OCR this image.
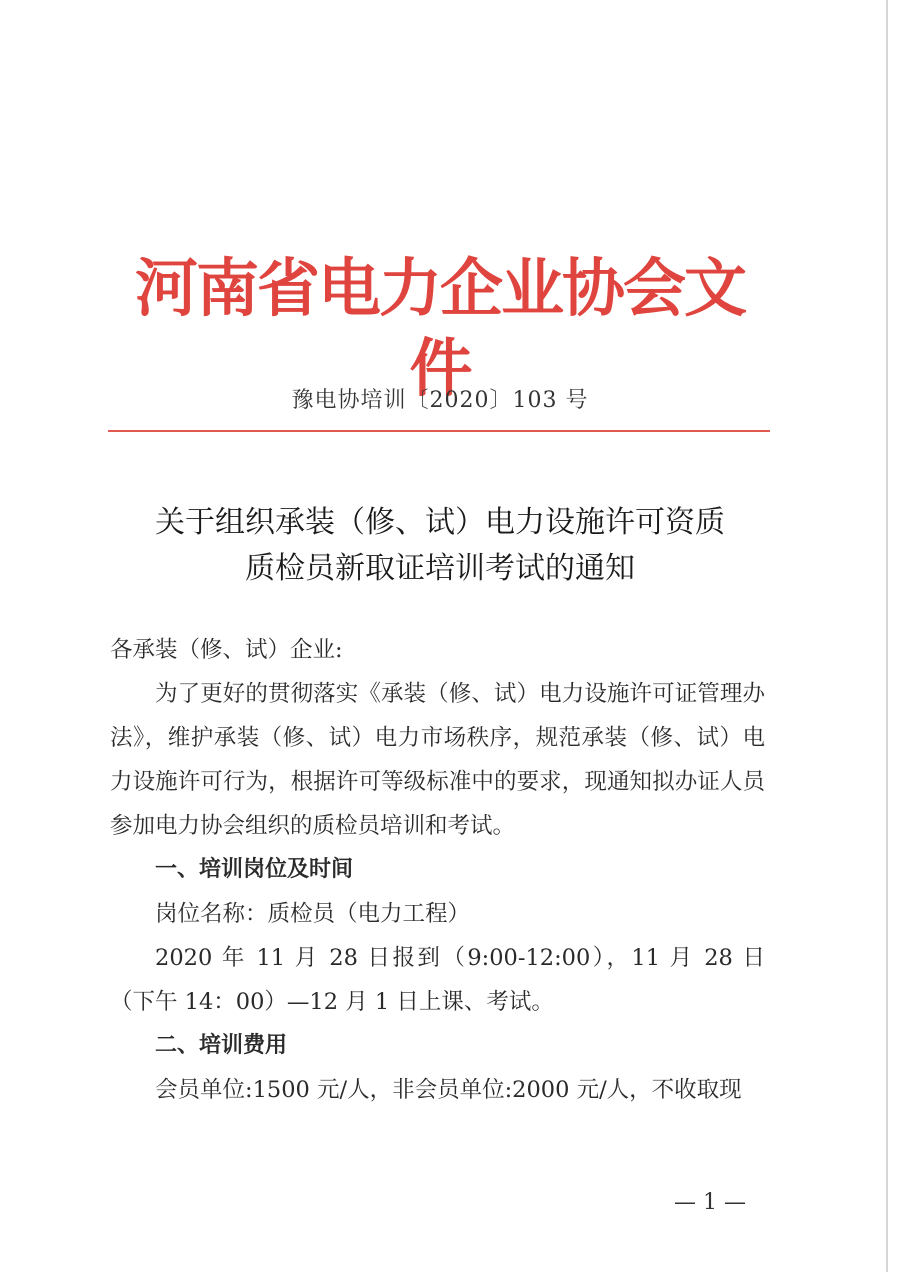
河南省电力企业协会文件
豫电协培训〔2020〕103 号
关于组织承装（修、试）电力设施许可资质
质检员新取证培训考试的通知

各承装（修、试）企业:

为了更好的贯彻落实《承装（修、试）电力设施许可证管理办法》，维护承装（修、试）电力市场秩序，规范承装（修、试）电力设施许可行为，根据许可等级标准中的要求，现通知拟办证人员参加电力协会组织的质检员培训和考试。

一、培训岗位及时间

岗位名称：质检员（电力工程）

2020 年 11 月 28 日报到（9:00-12:00），11 月 28 日（下午 14：00）—12 月 1 日上课、考试。

二、培训费用

会员单位:1500 元/人，非会员单位:2000 元/人，不收取现

— 1 —
